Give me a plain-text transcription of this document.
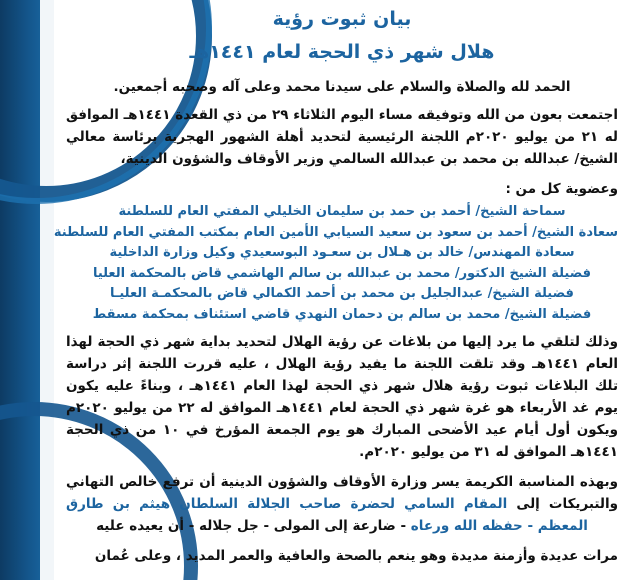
بيان ثبوت رؤية
هلال شهر ذي الحجة لعام ١٤٤١هـ
الحمد لله والصلاة والسلام على سيدنا محمد وعلى آله وصحبه أجمعين.
اجتمعت بعون من الله وتوفيقه مساء اليوم الثلاثاء ٢٩ من ذي القعدة ١٤٤١هـ الموافق له ٢١ من يوليو ٢٠٢٠م اللجنة الرئيسية لتحديد أهلة الشهور الهجرية برئاسة معالي الشيخ/ عبدالله بن محمد بن عبدالله السالمي وزير الأوقاف والشؤون الدينية،
وعضوية كل من :
سماحة الشيخ/ أحمد بن حمد بن سليمان الخليلي المفتي العام للسلطنة
سعادة الشيخ/ أحمد بن سعود بن سعيد السيابي الأمين العام بمكتب المفتي العام للسلطنة
سعادة المهندس/ خالد بن هـلال بن سعـود البوسعيدي وكيل وزارة الداخلية
فضيلة الشيخ الدكتور/ محمد بن عبدالله بن سالم الهاشمي قاض بالمحكمة العليا
فضيلة الشيخ/ عبدالجليل بن محمد بن أحمد الكمالي قاض بالمحكمـة العليـا
فضيلة الشيخ/ محمد بن سالم بن دحمان النهدي قاضي استئناف بمحكمة مسقط
وذلك لتلقي ما يرد إليها من بلاغات عن رؤية الهلال لتحديد بداية شهر ذي الحجة لهذا العام ١٤٤١هـ وقد تلقت اللجنة ما يفيد رؤية الهلال ، عليه قررت اللجنة إثر دراسة تلك البلاغات ثبوت رؤية هلال شهر ذي الحجة لهذا العام ١٤٤١هـ ، وبناءً عليه يكون يوم غد الأربعاء هو غرة شهر ذي الحجة لعام ١٤٤١هـ الموافق له ٢٢ من يوليو ٢٠٢٠م ويكون أول أيام عيد الأضحى المبارك هو يوم الجمعة المؤرخ في ١٠ من ذي الحجة ١٤٤١هـ الموافق له ٣١ من يوليو ٢٠٢٠م.
وبهذه المناسبة الكريمة يسر وزارة الأوقاف والشؤون الدينية أن ترفع خالص التهاني والتبريكات إلى المقام السامي لحضرة صاحب الجلالة السلطان هيثم بن طارق المعظم - حفظه الله ورعاه - ضارعة إلى المولى - جل جلاله - أن يعيده عليه
مرات عديدة وأزمنة مديدة وهو ينعم بالصحة والعافية والعمر المديد ، وعلى عُمان
